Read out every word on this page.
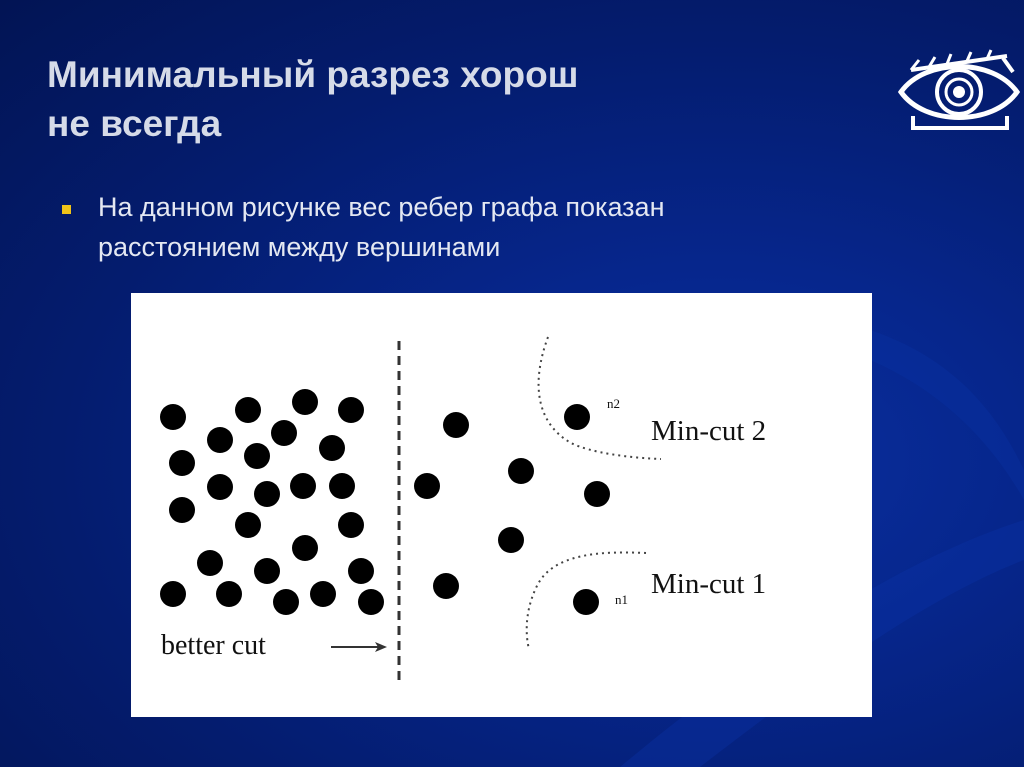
Минимальный разрез хорош
не всегда
На данном рисунке вес ребер графа показан
расстоянием между вершинами
n2
n1
Min-cut 2
Min-cut 1
better cut
